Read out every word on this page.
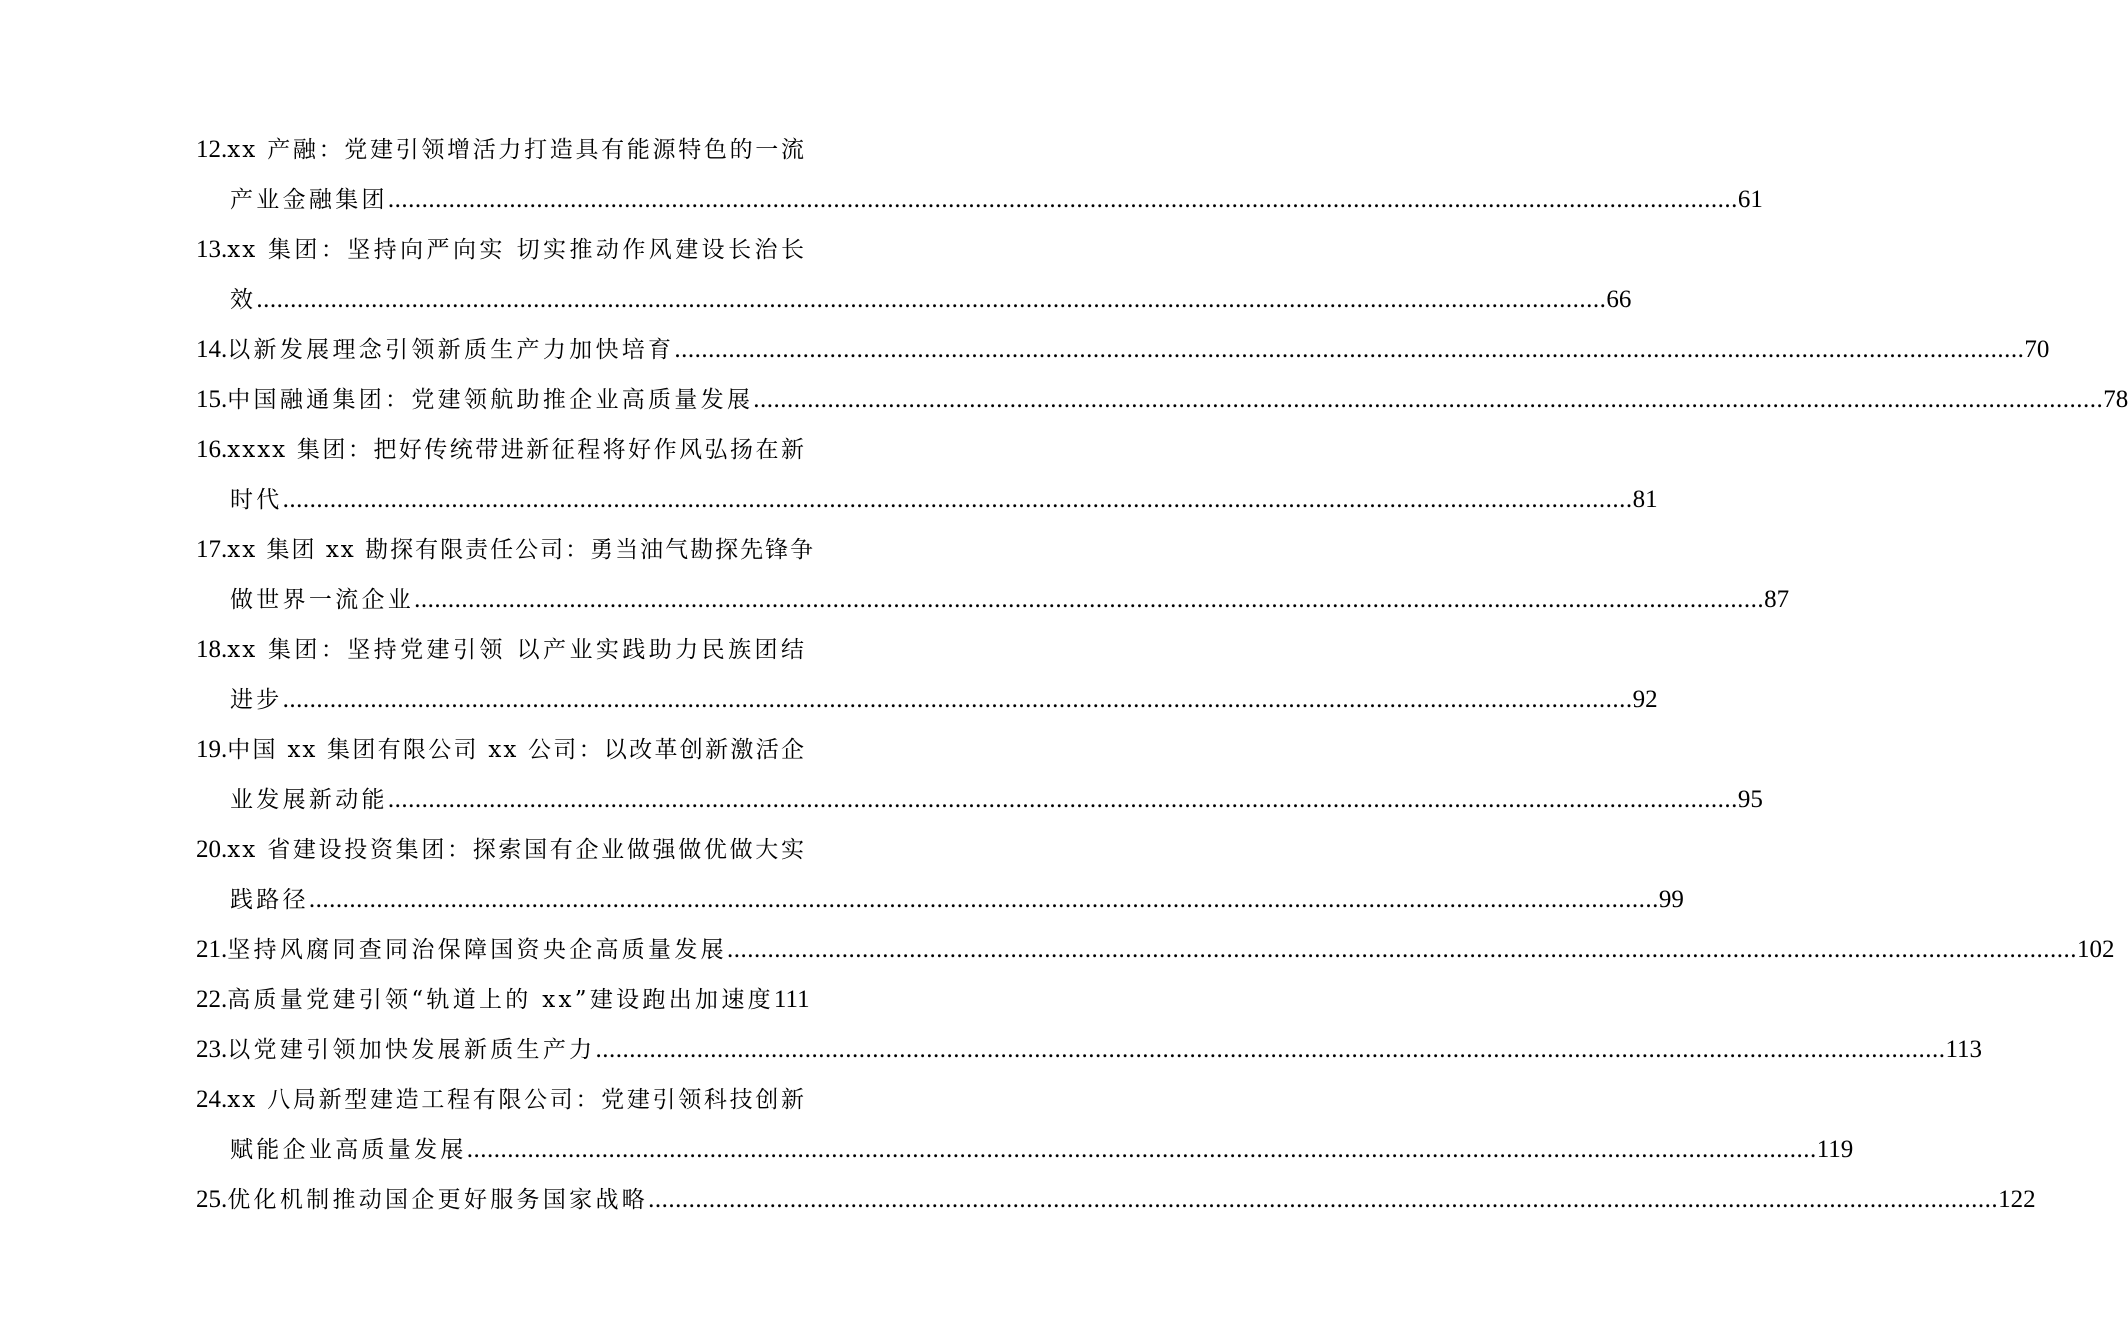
12. xx 产融：党建引领增活力打造具有能源特色的一流
产业金融集团 ........................................................................................................................................................................................................ 61
13. xx 集团：坚持向严向实 切实推动作风建设长治长
效 ........................................................................................................................................................................................................ 66
14. 以新发展理念引领新质生产力加快培育 ........................................................................................................................................................................................................ 70
15. 中国融通集团：党建领航助推企业高质量发展 ........................................................................................................................................................................................................ 78
16. xxxx 集团：把好传统带进新征程将好作风弘扬在新
时代 ........................................................................................................................................................................................................ 81
17. xx 集团 xx 勘探有限责任公司：勇当油气勘探先锋争
做世界一流企业 ........................................................................................................................................................................................................ 87
18. xx 集团：坚持党建引领 以产业实践助力民族团结
进步 ........................................................................................................................................................................................................ 92
19. 中国 xx 集团有限公司 xx 公司：以改革创新激活企
业发展新动能 ........................................................................................................................................................................................................ 95
20. xx 省建设投资集团：探索国有企业做强做优做大实
践路径 ........................................................................................................................................................................................................ 99
21. 坚持风腐同查同治保障国资央企高质量发展 ........................................................................................................................................................................................................ 102
22. 高质量党建引领“轨道上的 xx”建设跑出加速度 111
23. 以党建引领加快发展新质生产力 ........................................................................................................................................................................................................ 113
24. xx 八局新型建造工程有限公司：党建引领科技创新
赋能企业高质量发展 ........................................................................................................................................................................................................ 119
25. 优化机制推动国企更好服务国家战略 ........................................................................................................................................................................................................ 122
